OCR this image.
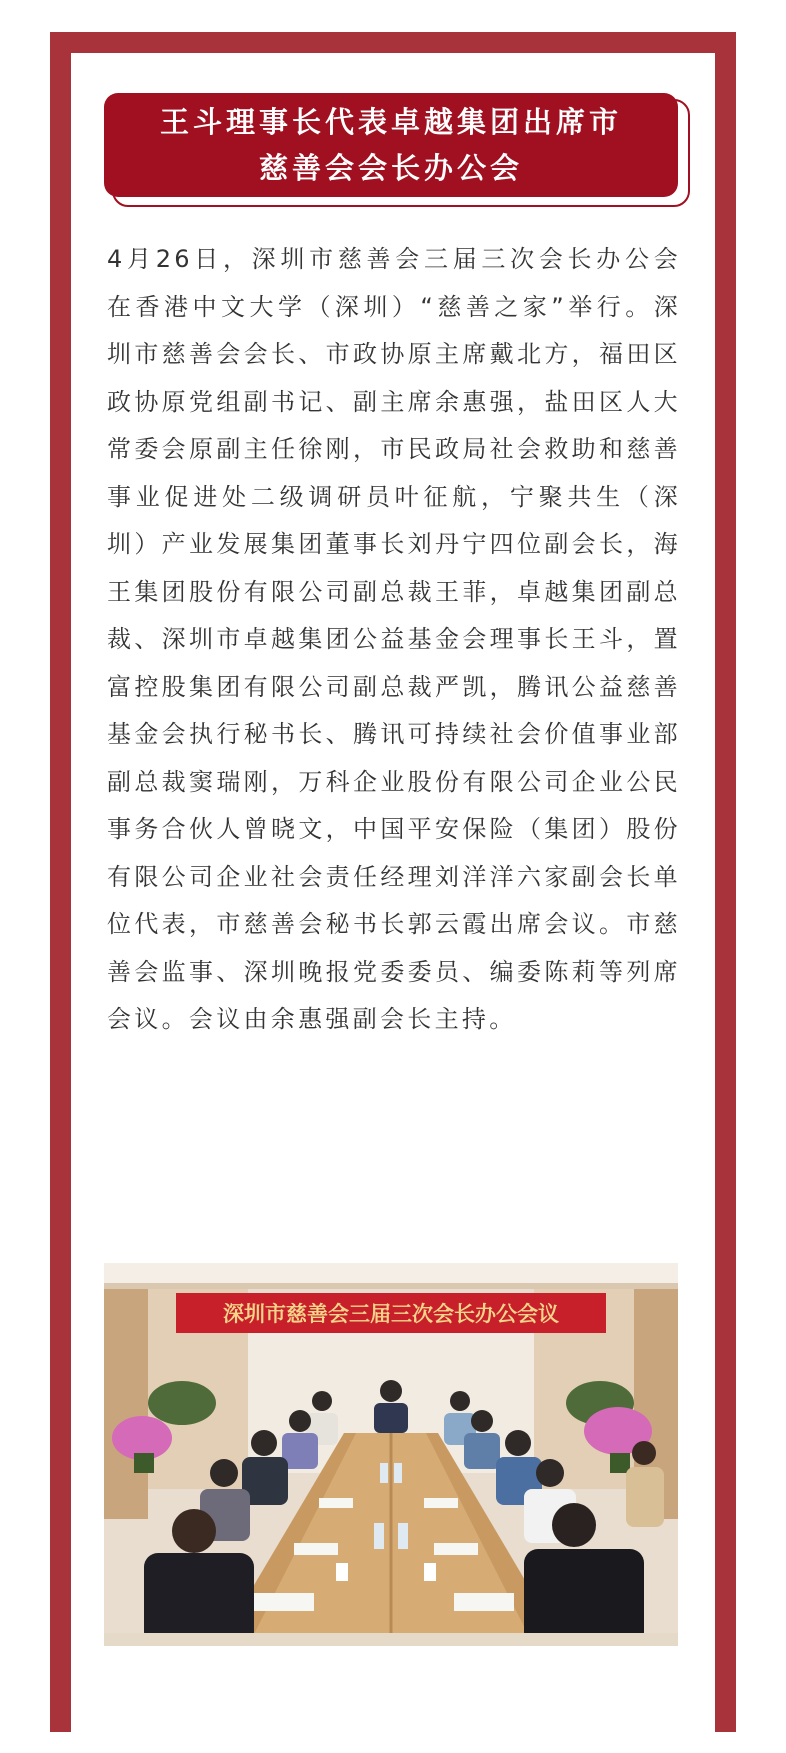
王斗理事长代表卓越集团出席市
慈善会会长办公会

4月26日，深圳市慈善会三届三次会长办公会在香港中文大学（深圳）“慈善之家”举行。深圳市慈善会会长、市政协原主席戴北方，福田区政协原党组副书记、副主席余惠强，盐田区人大常委会原副主任徐刚，市民政局社会救助和慈善事业促进处二级调研员叶征航，宁聚共生（深圳）产业发展集团董事长刘丹宁四位副会长，海王集团股份有限公司副总裁王菲，卓越集团副总裁、深圳市卓越集团公益基金会理事长王斗，置富控股集团有限公司副总裁严凯，腾讯公益慈善基金会执行秘书长、腾讯可持续社会价值事业部副总裁窦瑞刚，万科企业股份有限公司企业公民事务合伙人曾晓文，中国平安保险（集团）股份有限公司企业社会责任经理刘洋洋六家副会长单位代表，市慈善会秘书长郭云霞出席会议。市慈善会监事、深圳晚报党委委员、编委陈莉等列席会议。会议由余惠强副会长主持。

深圳市慈善会三届三次会长办公会议
